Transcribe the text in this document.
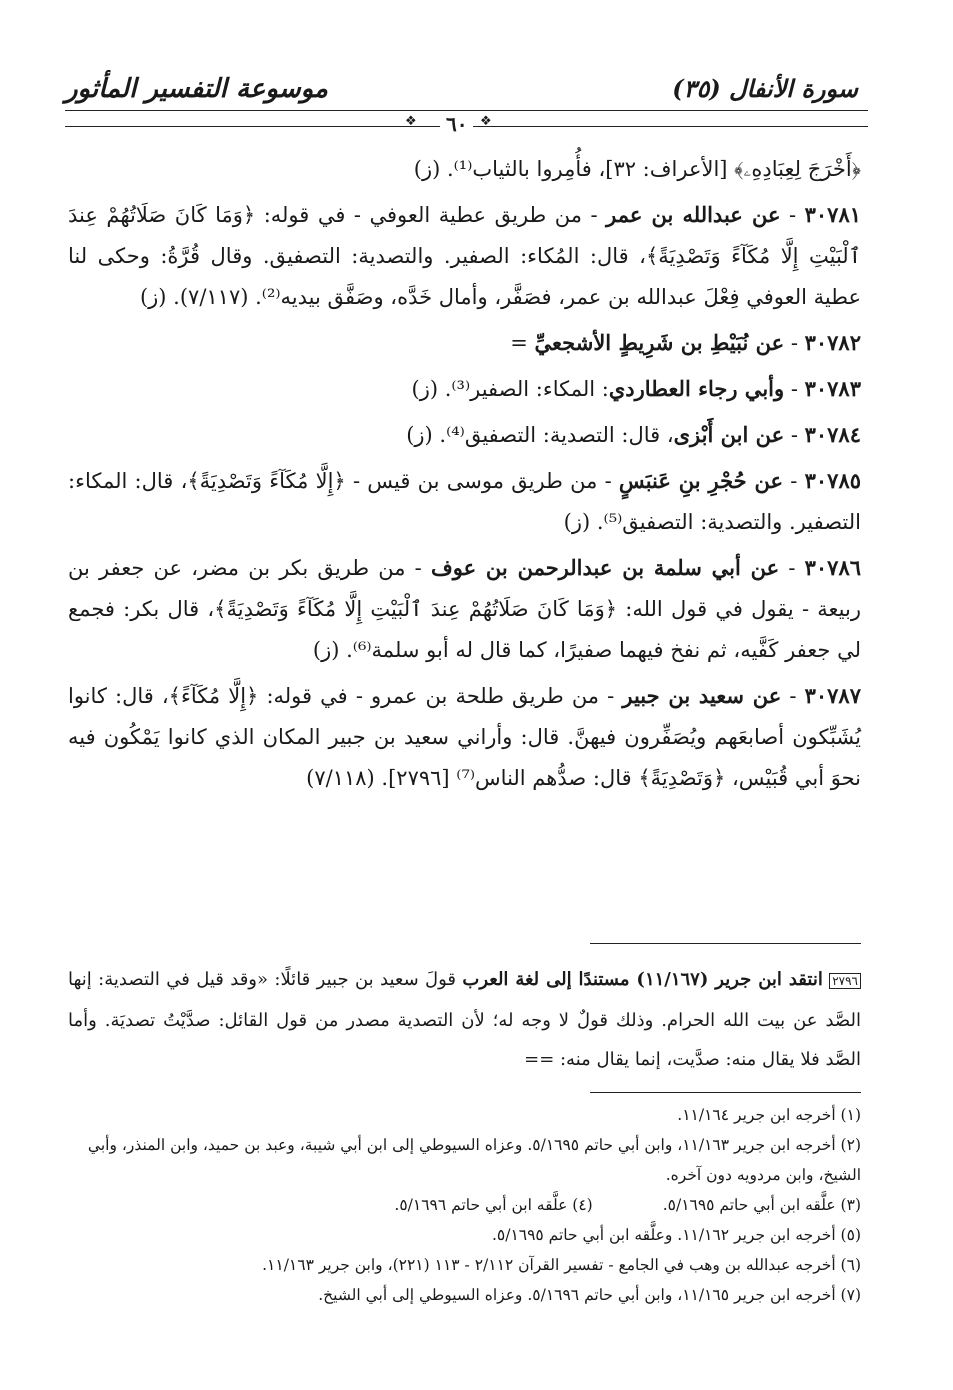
سورة الأنفال (٣٥)
موسوعة التفسير المأثور
❖	❖
٦٠

﴿أَخْرَجَ لِعِبَادِهِۦ﴾ [الأعراف: ٣٢]، فأُمِروا بالثياب⁽¹⁾. (ز)

٣٠٧٨١ - عن عبدالله بن عمر - من طريق عطية العوفي - في قوله: ﴿وَمَا كَانَ صَلَاتُهُمْ عِندَ ٱلْبَيْتِ إِلَّا مُكَآءً وَتَصْدِيَةً﴾، قال: المُكاء: الصفير. والتصدية: التصفيق. وقال قُرَّةُ: وحكى لنا عطية العوفي فِعْلَ عبدالله بن عمر، فصَفَّر، وأمال خَدَّه، وصَفَّق بيديه⁽²⁾. (٧/١١٧). (ز)

٣٠٧٨٢ - عن نُبَيْطِ بن شَرِيطٍ الأشجعيِّ =

٣٠٧٨٣ - وأبي رجاء العطاردي: المكاء: الصفير⁽³⁾. (ز)

٣٠٧٨٤ - عن ابن أَبْزى، قال: التصدية: التصفيق⁽⁴⁾. (ز)

٣٠٧٨٥ - عن حُجْرِ بنِ عَنبَسٍ - من طريق موسى بن قيس - ﴿إِلَّا مُكَآءً وَتَصْدِيَةً﴾، قال: المكاء: التصفير. والتصدية: التصفيق⁽⁵⁾. (ز)

٣٠٧٨٦ - عن أبي سلمة بن عبدالرحمن بن عوف - من طريق بكر بن مضر، عن جعفر بن ربيعة - يقول في قول الله: ﴿وَمَا كَانَ صَلَاتُهُمْ عِندَ ٱلْبَيْتِ إِلَّا مُكَآءً وَتَصْدِيَةً﴾، قال بكر: فجمع لي جعفر كَفَّيه، ثم نفخ فيهما صفيرًا، كما قال له أبو سلمة⁽⁶⁾. (ز)

٣٠٧٨٧ - عن سعيد بن جبير - من طريق طلحة بن عمرو - في قوله: ﴿إِلَّا مُكَآءً﴾، قال: كانوا يُشَبِّكون أصابعَهم ويُصَفِّرون فيهنَّ. قال: وأراني سعيد بن جبير المكان الذي كانوا يَمْكُون فيه نحوَ أبي قُبَيْس، ﴿وَتَصْدِيَةً﴾ قال: صدُّهم الناس⁽⁷⁾ [٢٧٩٦]. (٧/١١٨)

٢٧٩٦ انتقد ابن جرير (١١/١٦٧) مستندًا إلى لغة العرب قولَ سعيد بن جبير قائلًا: «وقد قيل في التصدية: إنها الصَّد عن بيت الله الحرام. وذلك قولٌ لا وجه له؛ لأن التصدية مصدر من قول القائل: صدَّيْتُ تصديَة. وأما الصَّد فلا يقال منه: صدَّيت، إنما يقال منه: ==
(١) أخرجه ابن جرير ١١/١٦٤.
(٢) أخرجه ابن جرير ١١/١٦٣، وابن أبي حاتم ٥/١٦٩٥. وعزاه السيوطي إلى ابن أبي شيبة، وعبد بن حميد، وابن المنذر، وأبي الشيخ، وابن مردويه دون آخره.
(٣) علَّقه ابن أبي حاتم ٥/١٦٩٥.(٤) علَّقه ابن أبي حاتم ٥/١٦٩٦.
(٥) أخرجه ابن جرير ١١/١٦٢. وعلَّقه ابن أبي حاتم ٥/١٦٩٥.
(٦) أخرجه عبدالله بن وهب في الجامع - تفسير القرآن ٢/١١٢ - ١١٣ (٢٢١)، وابن جرير ١١/١٦٣.
(٧) أخرجه ابن جرير ١١/١٦٥، وابن أبي حاتم ٥/١٦٩٦. وعزاه السيوطي إلى أبي الشيخ.
